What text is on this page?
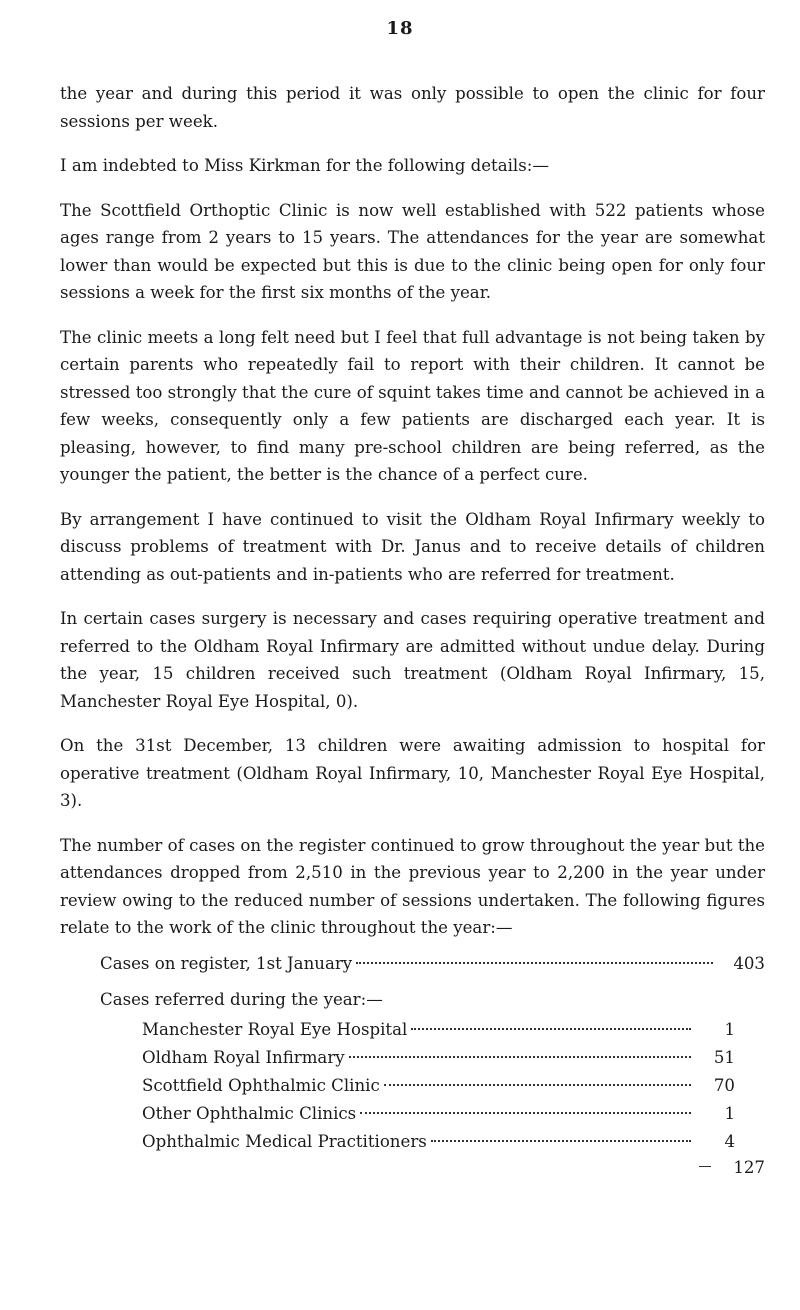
18

the year and during this period it was only possible to open the clinic for four sessions per week.

I am indebted to Miss Kirkman for the following details:—

The Scottfield Orthoptic Clinic is now well established with 522 patients whose ages range from 2 years to 15 years. The attendances for the year are somewhat lower than would be expected but this is due to the clinic being open for only four sessions a week for the first six months of the year.

The clinic meets a long felt need but I feel that full advantage is not being taken by certain parents who repeatedly fail to report with their children. It cannot be stressed too strongly that the cure of squint takes time and cannot be achieved in a few weeks, consequently only a few patients are discharged each year. It is pleasing, however, to find many pre-school children are being referred, as the younger the patient, the better is the chance of a perfect cure.

By arrangement I have continued to visit the Oldham Royal Infirmary weekly to discuss problems of treatment with Dr. Janus and to receive details of children attending as out-patients and in-patients who are referred for treatment.

In certain cases surgery is necessary and cases requiring operative treatment and referred to the Oldham Royal Infirmary are admitted without undue delay. During the year, 15 children received such treatment (Oldham Royal Infirmary, 15, Manchester Royal Eye Hospital, 0).

On the 31st December, 13 children were awaiting admission to hospital for operative treatment (Oldham Royal Infirmary, 10, Manchester Royal Eye Hospital, 3).

The number of cases on the register continued to grow throughout the year but the attendances dropped from 2,510 in the previous year to 2,200 in the year under review owing to the reduced number of sessions undertaken. The following figures relate to the work of the clinic throughout the year:—

Cases on register, 1st January	403
Cases referred during the year:—
Manchester Royal Eye Hospital	1
Oldham Royal Infirmary	51
Scottfield Ophthalmic Clinic	70
Other Ophthalmic Clinics	1
Ophthalmic Medical Practitioners	4
127
